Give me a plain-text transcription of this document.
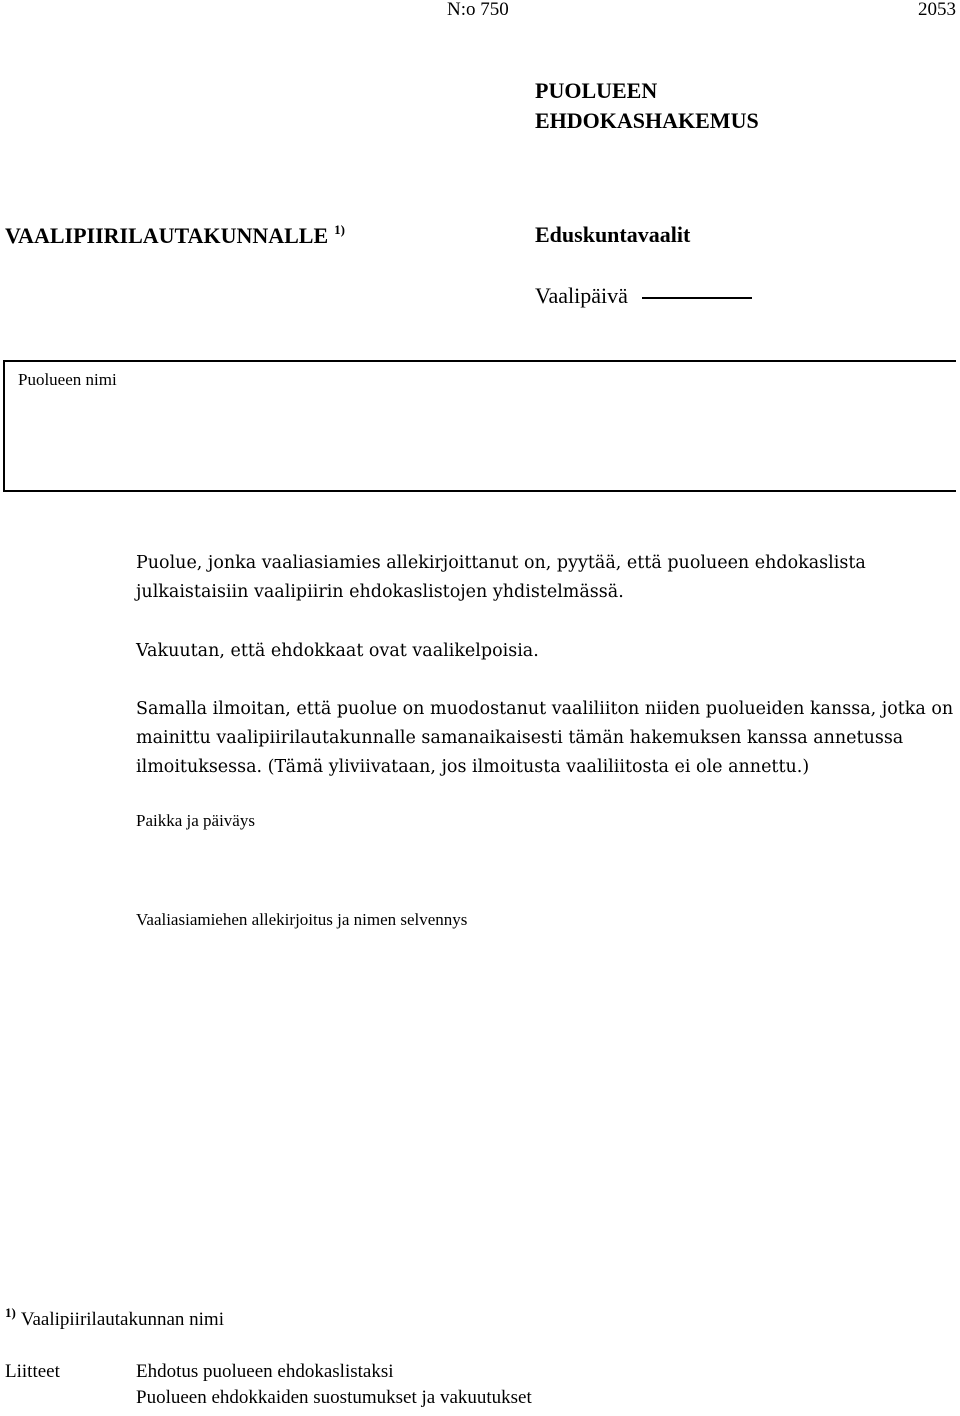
N:o 750	2053
PUOLUEEN
EHDOKASHAKEMUS
VAALIPIIRILAUTAKUNNALLE $^{1)}$	Eduskuntavaalit
Vaalipäivä
Puolueen nimi
Puolue, jonka vaaliasiamies allekirjoittanut on, pyytää, että puolueen ehdokaslista julkaistaisiin vaalipiirin ehdokaslistojen yhdistelmässä.
Vakuutan, että ehdokkaat ovat vaalikelpoisia.
Samalla ilmoitan, että puolue on muodostanut vaaliliiton niiden puolueiden kanssa, jotka on mainittu vaalipiirilautakunnalle samanaikaisesti tämän hakemuksen kanssa annetussa ilmoituksessa. (Tämä yliviivataan, jos ilmoitusta vaaliliitosta ei ole annettu.)
Paikka ja päiväys
Vaaliasiamiehen allekirjoitus ja nimen selvennys
$^{1)}$ Vaalipiirilautakunnan nimi
Liitteet	Ehdotus puolueen ehdokaslistaksi
Puolueen ehdokkaiden suostumukset ja vakuutukset
